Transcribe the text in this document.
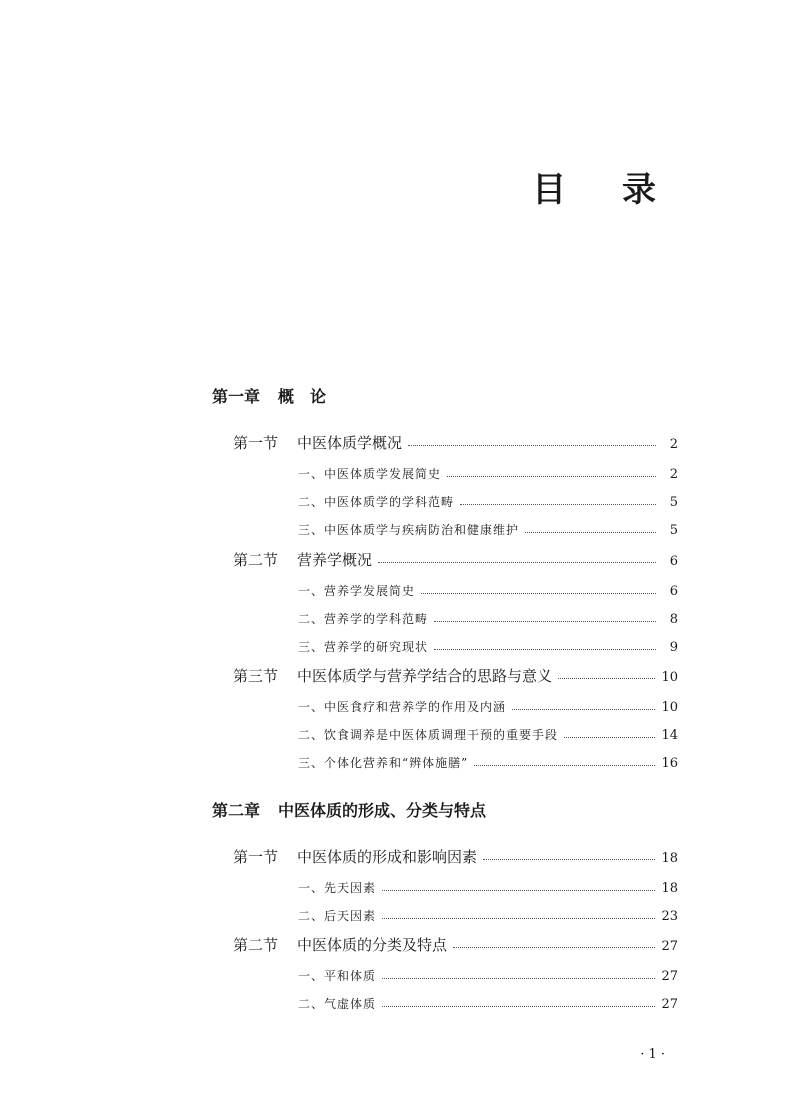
目 录
第一章 概　论
第一节	中医体质学概况	2
一、中医体质学发展简史	2
二、中医体质学的学科范畴	5
三、中医体质学与疾病防治和健康维护	5
第二节	营养学概况	6
一、营养学发展简史	6
二、营养学的学科范畴	8
三、营养学的研究现状	9
第三节	中医体质学与营养学结合的思路与意义	10
一、中医食疗和营养学的作用及内涵	10
二、饮食调养是中医体质调理干预的重要手段	14
三、个体化营养和“辨体施膳”	16
第二章 中医体质的形成、分类与特点
第一节	中医体质的形成和影响因素	18
一、先天因素	18
二、后天因素	23
第二节	中医体质的分类及特点	27
一、平和体质	27
二、气虚体质	27
· 1 ·
